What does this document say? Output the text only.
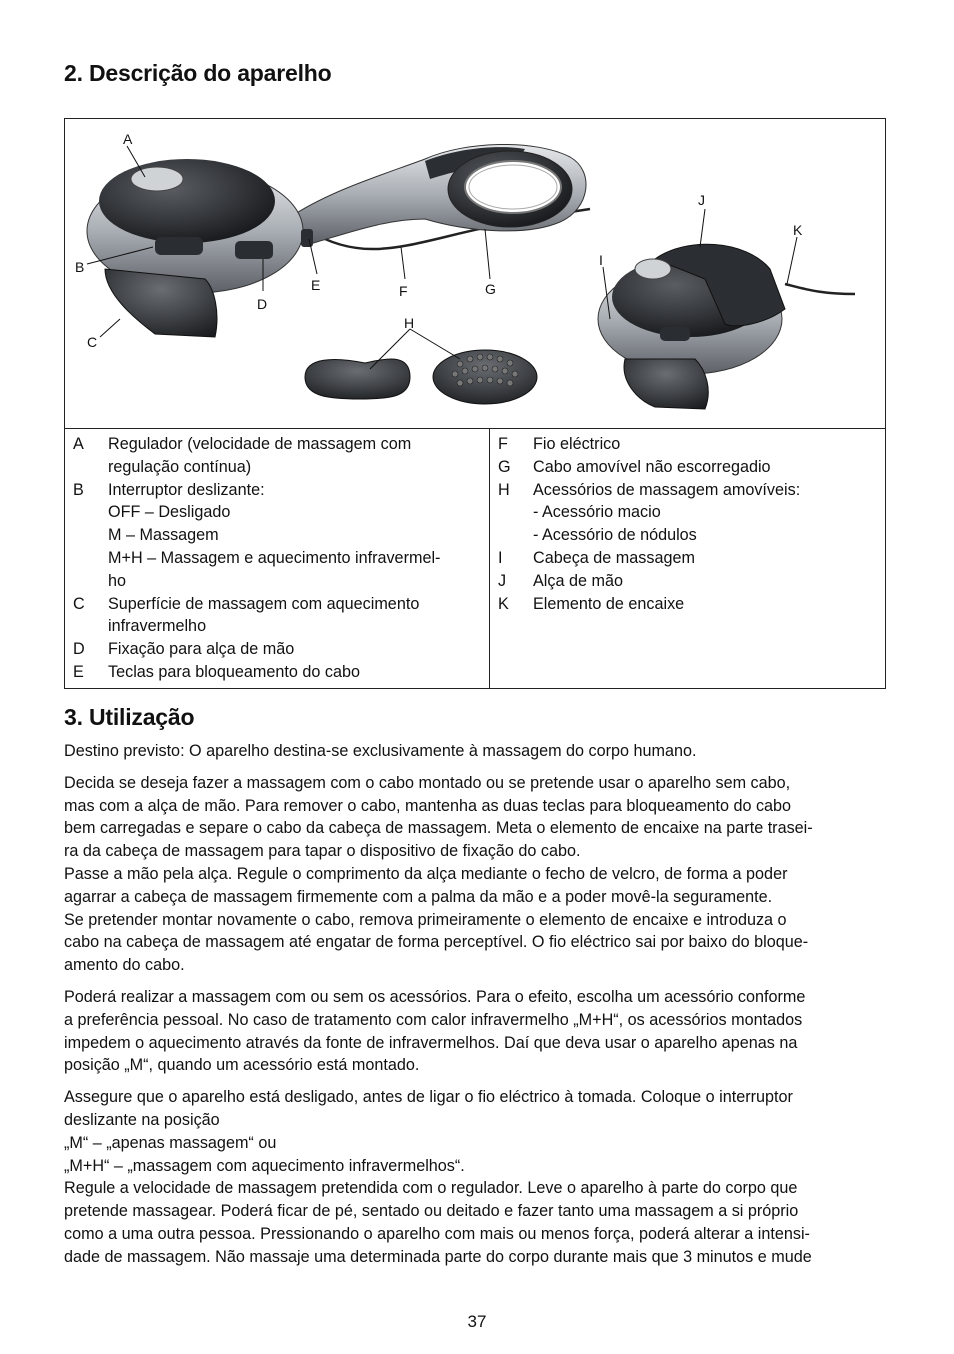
2. Descrição do aparelho
A
B
C
D
E	F	G
H
I
J
K
A	Regulador (velocidade de massagem com
regulação contínua)
B	Interruptor deslizante:
OFF – Desligado
M – Massagem
M+H – Massagem e aquecimento infravermel-
ho
C	Superfície de massagem com aquecimento
infravermelho
D	Fixação para alça de mão
E	Teclas para bloqueamento do cabo
F	Fio eléctrico
G	Cabo amovível não escorregadio
H	Acessórios de massagem amovíveis:
- Acessório macio
- Acessório de nódulos
I	Cabeça de massagem
J	Alça de mão
K	Elemento de encaixe
3. Utilização

Destino previsto: O aparelho destina-se exclusivamente à massagem do corpo humano.

Decida se deseja fazer a massagem com o cabo montado ou se pretende usar o aparelho sem cabo,
mas com a alça de mão. Para remover o cabo, mantenha as duas teclas para bloqueamento do cabo
bem carregadas e separe o cabo da cabeça de massagem. Meta o elemento de encaixe na parte trasei-
ra da cabeça de massagem para tapar o dispositivo de fixação do cabo.
Passe a mão pela alça. Regule o comprimento da alça mediante o fecho de velcro, de forma a poder
agarrar a cabeça de massagem firmemente com a palma da mão e a poder movê-la seguramente.
Se pretender montar novamente o cabo, remova primeiramente o elemento de encaixe e introduza o
cabo na cabeça de massagem até engatar de forma perceptível. O fio eléctrico sai por baixo do bloque-
amento do cabo.

Poderá realizar a massagem com ou sem os acessórios. Para o efeito, escolha um acessório conforme
a preferência pessoal. No caso de tratamento com calor infravermelho „M+H“, os acessórios montados
impedem o aquecimento através da fonte de infravermelhos. Daí que deva usar o aparelho apenas na
posição „M“, quando um acessório está montado.

Assegure que o aparelho está desligado, antes de ligar o fio eléctrico à tomada. Coloque o interruptor
deslizante na posição
„M“ – „apenas massagem“ ou
„M+H“ – „massagem com aquecimento infravermelhos“.
Regule a velocidade de massagem pretendida com o regulador. Leve o aparelho à parte do corpo que
pretende massagear. Poderá ficar de pé, sentado ou deitado e fazer tanto uma massagem a si próprio
como a uma outra pessoa. Pressionando o aparelho com mais ou menos força, poderá alterar a intensi-
dade de massagem. Não massaje uma determinada parte do corpo durante mais que 3 minutos e mude

37
